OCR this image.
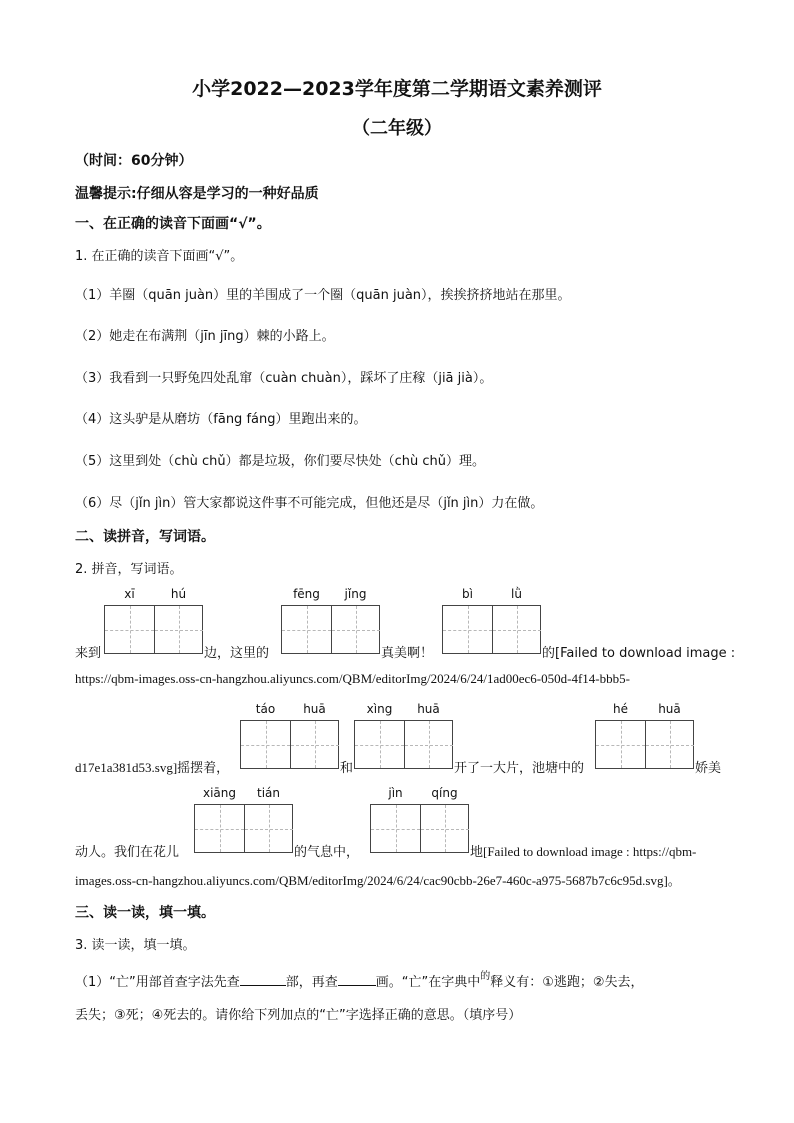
小学2022—2023学年度第二学期语文素养测评
（二年级）
（时间：60分钟）
温馨提示:仔细从容是学习的一种好品质
一、在正确的读音下面画“√”。
1. 在正确的读音下面画“√”。
（1）羊圈（quān juàn）里的羊围成了一个圈（quān juàn），挨挨挤挤地站在那里。
（2）她走在布满荆（jīn jīng）棘的小路上。
（3）我看到一只野兔四处乱窜（cuàn chuàn），踩坏了庄稼（jiā jià）。
（4）这头驴是从磨坊（fāng fáng）里跑出来的。
（5）这里到处（chù chǔ）都是垃圾，你们要尽快处（chù chǔ）理。
（6）尽（jǐn jìn）管大家都说这件事不可能完成，但他还是尽（jǐn jìn）力在做。
二、读拼音，写词语。
2. 拼音，写词语。
来到
xī	hú
边，这里的
fēng	jǐng
真美啊！
bì	lǜ
的[Failed to download image :
https://qbm-images.oss-cn-hangzhou.aliyuncs.com/QBM/editorImg/2024/6/24/1ad00ec6-050d-4f14-bbb5-
d17e1a381d53.svg]摇摆着，
táo	huā
和
xìng	huā
开了一大片，池塘中的
hé	huā
娇美
动人。我们在花儿
xiāng	tián
的气息中，
jìn	qíng
地[Failed to download image : https://qbm-
images.oss-cn-hangzhou.aliyuncs.com/QBM/editorImg/2024/6/24/cac90cbb-26e7-460c-a975-5687b7c6c95d.svg]。
三、读一读，填一填。
3. 读一读，填一填。
（1）“亡”用部首查字法先查	部，再查	画。“亡”在字典中$^的$释义有：①逃跑；②失去，
丢失；③死；④死去的。请你给下列加点的“亡”字选择正确的意思。（填序号）
